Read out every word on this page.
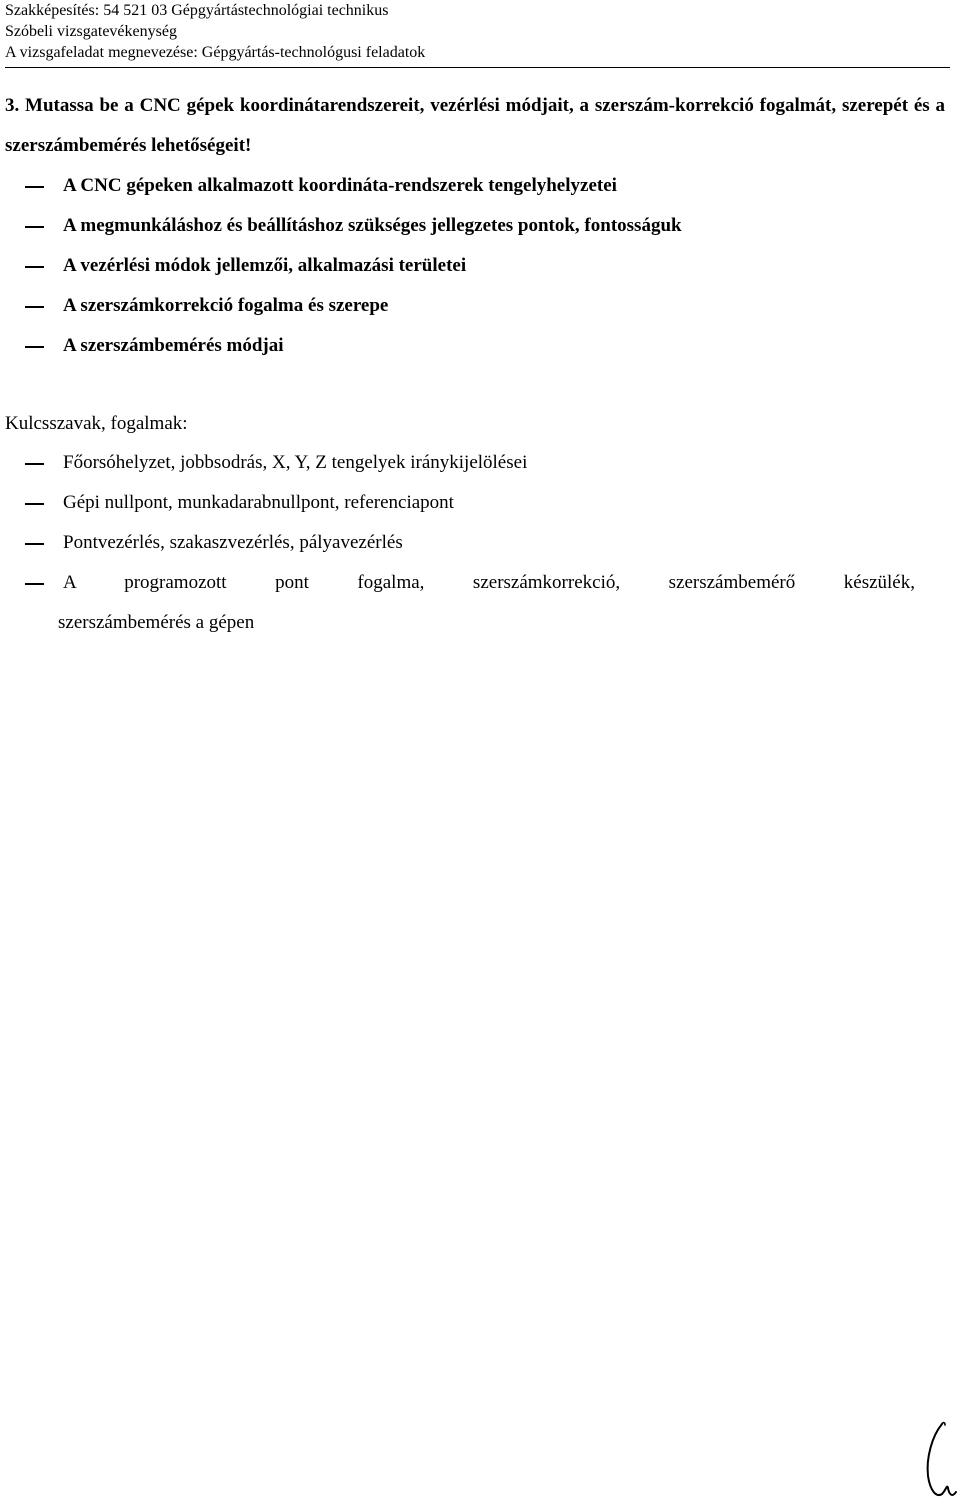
Szakképesítés: 54 521 03 Gépgyártástechnológiai technikus
Szóbeli vizsgatevékenység
A vizsgafeladat megnevezése: Gépgyártás-technológusi feladatok
3. Mutassa be a CNC gépek koordinátarendszereit, vezérlési módjait, a szerszám-korrekció fogalmát, szerepét és a szerszámbemérés lehetőségeit!
A CNC gépeken alkalmazott koordináta-rendszerek tengelyhelyzetei
A megmunkáláshoz és beállításhoz szükséges jellegzetes pontok, fontosságuk
A vezérlési módok jellemzői, alkalmazási területei
A szerszámkorrekció fogalma és szerepe
A szerszámbemérés módjai
Kulcsszavak, fogalmak:
Főorsóhelyzet, jobbsodrás, X, Y, Z tengelyek iránykijelölései
Gépi nullpont, munkadarabnullpont, referenciapont
Pontvezérlés, szakaszvezérlés, pályavezérlés
A programozott pont fogalma, szerszámkorrekció, szerszámbemérő készülék,
szerszámbemérés a gépen
